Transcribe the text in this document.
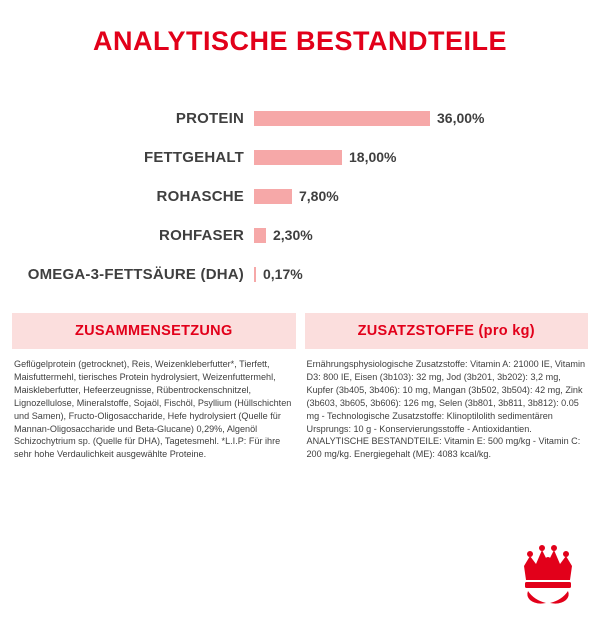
ANALYTISCHE BESTANDTEILE
PROTEIN	36,00%
FETTGEHALT	18,00%
ROHASCHE	7,80%
ROHFASER	2,30%
OMEGA-3-FETTSÄURE (DHA)	0,17%
ZUSAMMENSETZUNG
Geflügelprotein (getrocknet), Reis, Weizenkleberfutter*, Tierfett, Maisfuttermehl, tierisches Protein hydrolysiert, Weizenfuttermehl, Maiskleberfutter, Hefeerzeugnisse, Rübentrockenschnitzel, Lignozellulose, Mineralstoffe, Sojaöl, Fischöl, Psyllium (Hüllschichten und Samen), Fructo-Oligosaccharide, Hefe hydrolysiert (Quelle für Mannan-Oligosaccharide und Beta-Glucane) 0,29%, Algenöl Schizochytrium sp. (Quelle für DHA), Tagetesmehl. *L.I.P: Für ihre sehr hohe Verdaulichkeit ausgewählte Proteine.
ZUSATZSTOFFE (pro kg)
Ernährungsphysiologische Zusatzstoffe: Vitamin A: 21000 IE, Vitamin D3: 800 IE, Eisen (3b103): 32 mg, Jod (3b201, 3b202): 3,2 mg, Kupfer (3b405, 3b406): 10 mg, Mangan (3b502, 3b504): 42 mg, Zink (3b603, 3b605, 3b606): 126 mg, Selen (3b801, 3b811, 3b812): 0.05 mg - Technologische Zusatzstoffe: Klinoptilolith sedimentären Ursprungs: 10 g - Konservierungsstoffe - Antioxidantien. ANALYTISCHE BESTANDTEILE: Vitamin E: 500 mg/kg - Vitamin C: 200 mg/kg. Energiegehalt (ME): 4083 kcal/kg.
